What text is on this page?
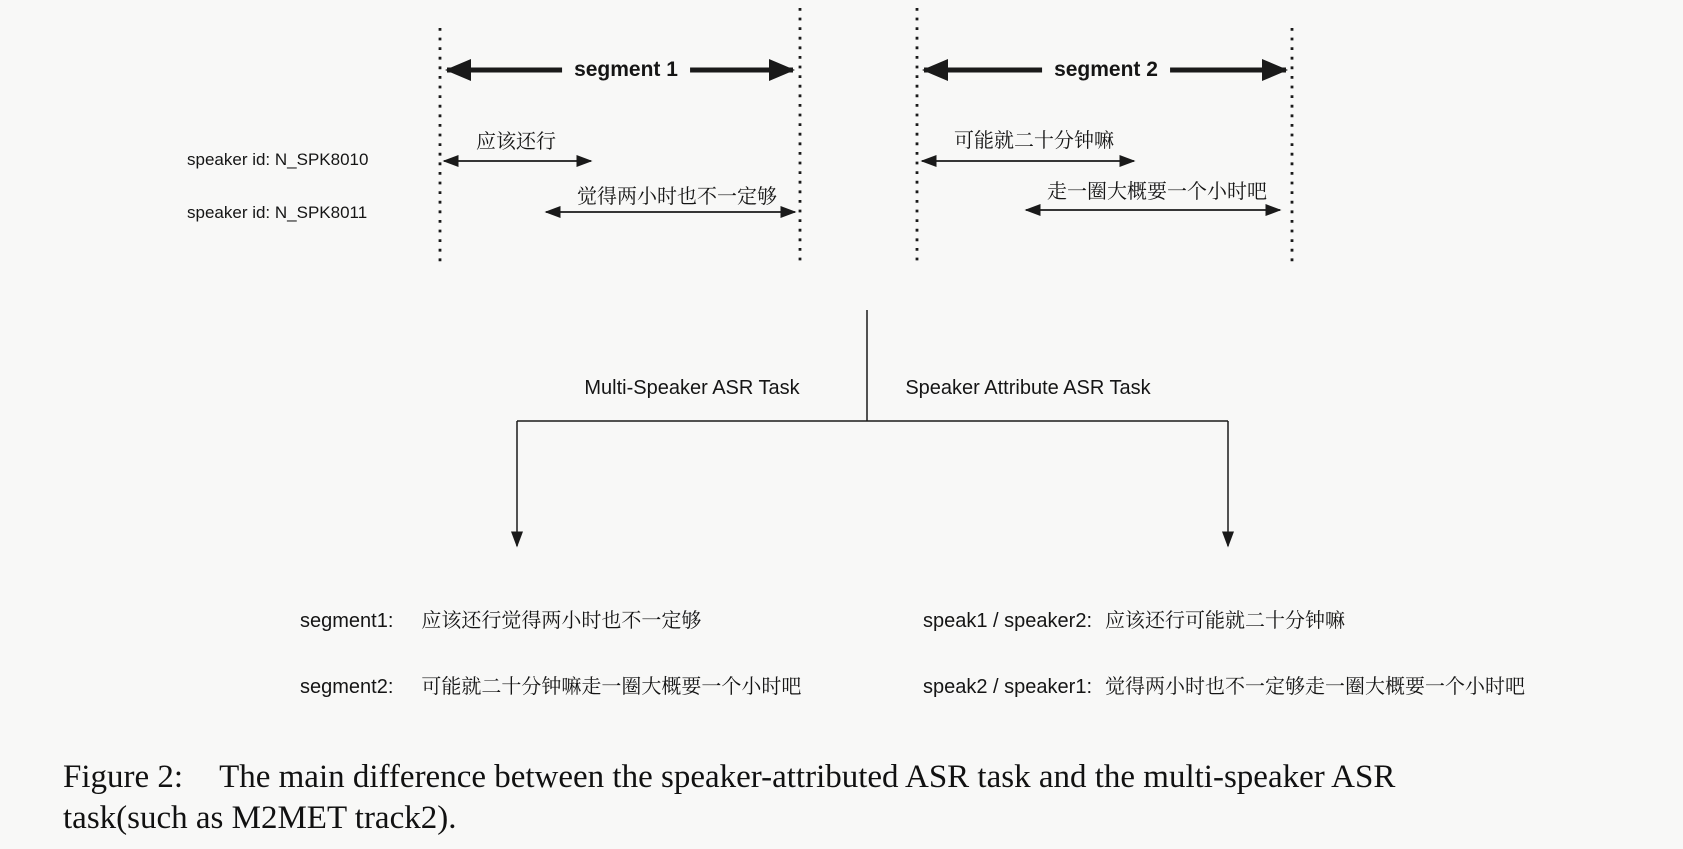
speaker id: N_SPK8010
speaker id: N_SPK8011
segment 1	segment 2
应该还行
觉得两小时也不一定够
可能就二十分钟嘛
走一圈大概要一个小时吧
Multi-Speaker ASR Task	Speaker Attribute ASR Task
segment1: 应该还行觉得两小时也不一定够
segment2: 可能就二十分钟嘛走一圈大概要一个小时吧
speak1 / speaker2: 应该还行可能就二十分钟嘛
speak2 / speaker1: 觉得两小时也不一定够走一圈大概要一个小时吧
Figure 2: The main difference between the speaker-attributed ASR task and the multi-speaker ASR
task(such as M2MET track2).
